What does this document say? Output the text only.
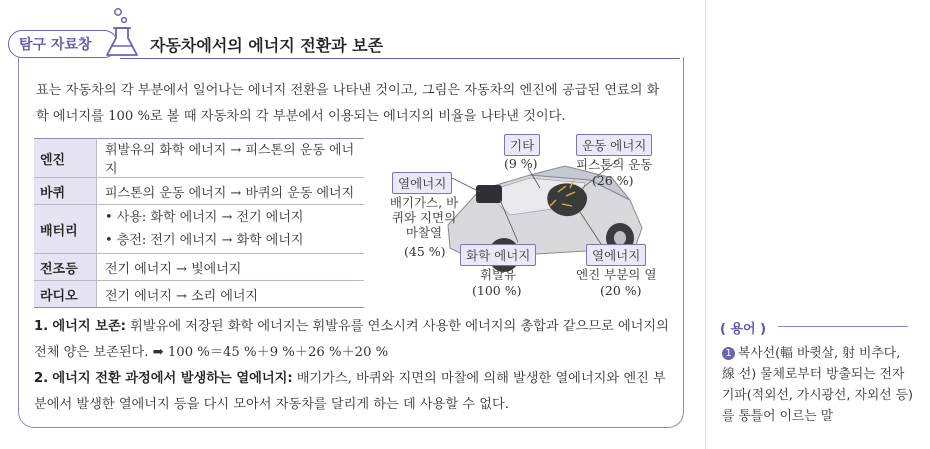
탐구 자료창	자동차에서의 에너지 전환과 보존
표는 자동차의 각 부분에서 일어나는 에너지 전환을 나타낸 것이고, 그림은 자동차의 엔진에 공급된 연료의 화학 에너지를 100 %로 볼 때 자동차의 각 부분에서 이용되는 에너지의 비율을 나타낸 것이다.
엔진	휘발유의 화학 에너지 → 피스톤의 운동 에너지
바퀴	피스톤의 운동 에너지 → 바퀴의 운동 에너지
배터리	• 사용: 화학 에너지 → 전기 에너지
• 충전: 전기 에너지 → 화학 에너지

전조등	전기 에너지 → 빛에너지
라디오	전기 에너지 → 소리 에너지
기타
(9 %)
운동 에너지
피스톤의 운동
(26 %)
열에너지
배기가스, 바퀴와 지면의 마찰열
(45 %)	화학 에너지
휘발유
(100 %)
열에너지
엔진 부분의 열
(20 %)
1. 에너지 보존: 휘발유에 저장된 화학 에너지는 휘발유를 연소시켜 사용한 에너지의 총합과 같으므로 에너지의 전체 양은 보존된다. ➡ 100 %＝45 %＋9 %＋26 %＋20 %
2. 에너지 전환 과정에서 발생하는 열에너지: 배기가스, 바퀴와 지면의 마찰에 의해 발생한 열에너지와 엔진 부분에서 발생한 열에너지 등을 다시 모아서 자동차를 달리게 하는 데 사용할 수 없다.
( 용어 )
1 복사선(輻 바큇살, 射 비추다, 線 선) 물체로부터 방출되는 전자기파(적외선, 가시광선, 자외선 등)를 통틀어 이르는 말
